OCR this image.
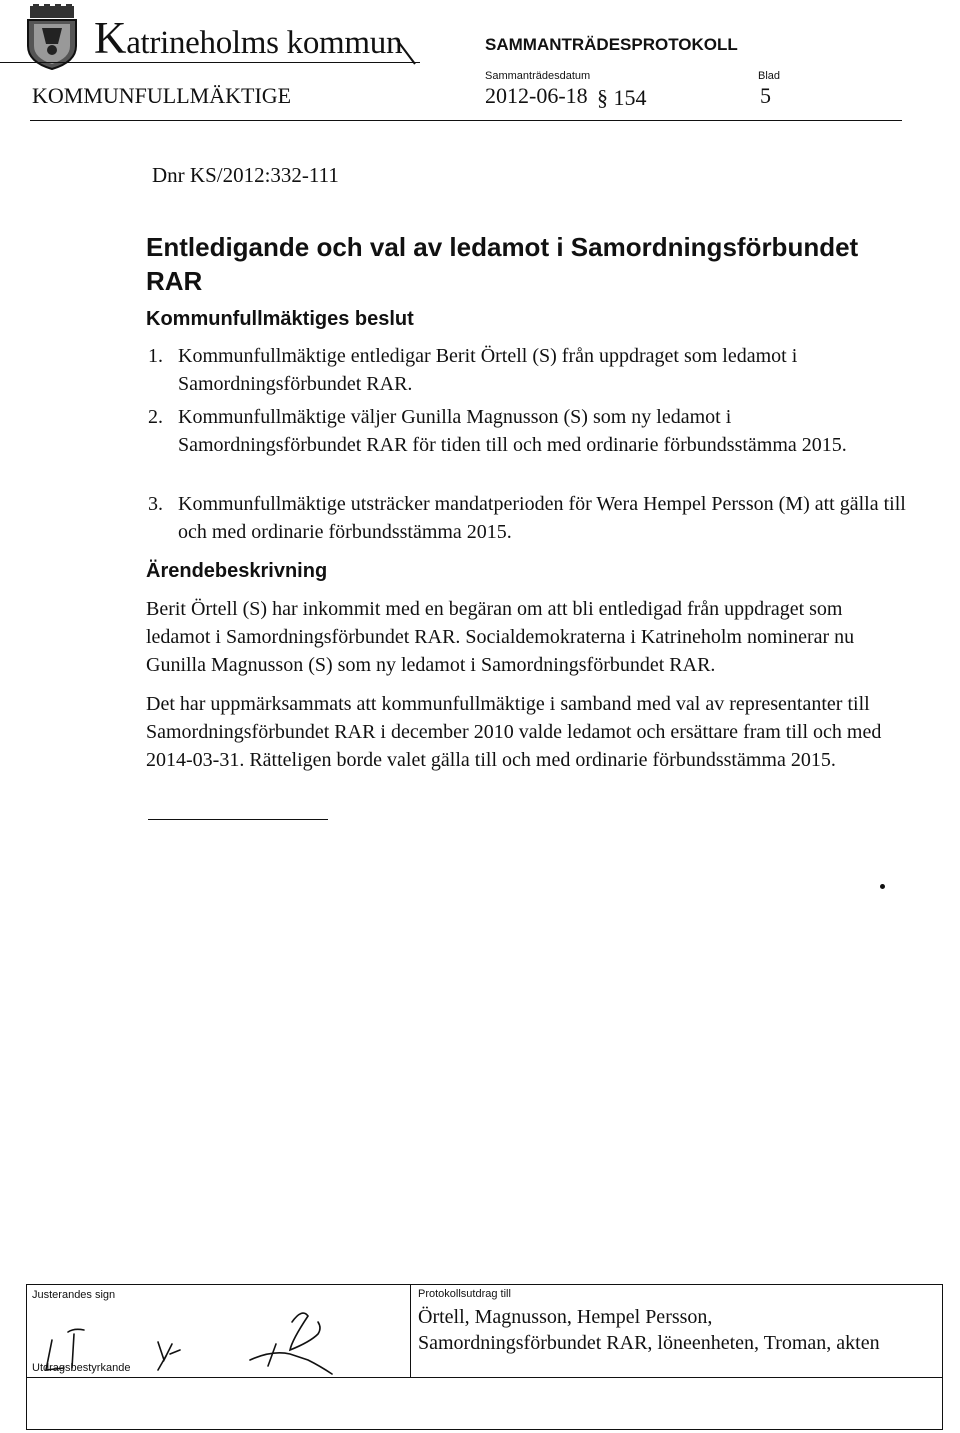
Katrineholms kommun	SAMMANTRÄDESPROTOKOLL
Sammanträdesdatum	Blad
KOMMUNFULLMÄKTIGE	2012-06-18 § 154	5
Dnr KS/2012:332-111
Entledigande och val av ledamot i Samordningsförbundet RAR
Kommunfullmäktiges beslut
1. Kommunfullmäktige entledigar Berit Örtell (S) från uppdraget som ledamot i Samordningsförbundet RAR.
2. Kommunfullmäktige väljer Gunilla Magnusson (S) som ny ledamot i Samordningsförbundet RAR för tiden till och med ordinarie förbundsstämma 2015.
3. Kommunfullmäktige utsträcker mandatperioden för Wera Hempel Persson (M) att gälla till och med ordinarie förbundsstämma 2015.
Ärendebeskrivning
Berit Örtell (S) har inkommit med en begäran om att bli entledigad från uppdraget som ledamot i Samordningsförbundet RAR. Socialdemokraterna i Katrineholm nominerar nu Gunilla Magnusson (S) som ny ledamot i Samordningsförbundet RAR.
Det har uppmärksammats att kommunfullmäktige i samband med val av representanter till Samordningsförbundet RAR i december 2010 valde ledamot och ersättare fram till och med 2014-03-31. Rätteligen borde valet gälla till och med ordinarie förbundsstämma 2015.
Justerandes sign
Utdragsbestyrkande
Protokollsutdrag till
Örtell, Magnusson, Hempel Persson,
Samordningsförbundet RAR, löneenheten, Troman, akten
